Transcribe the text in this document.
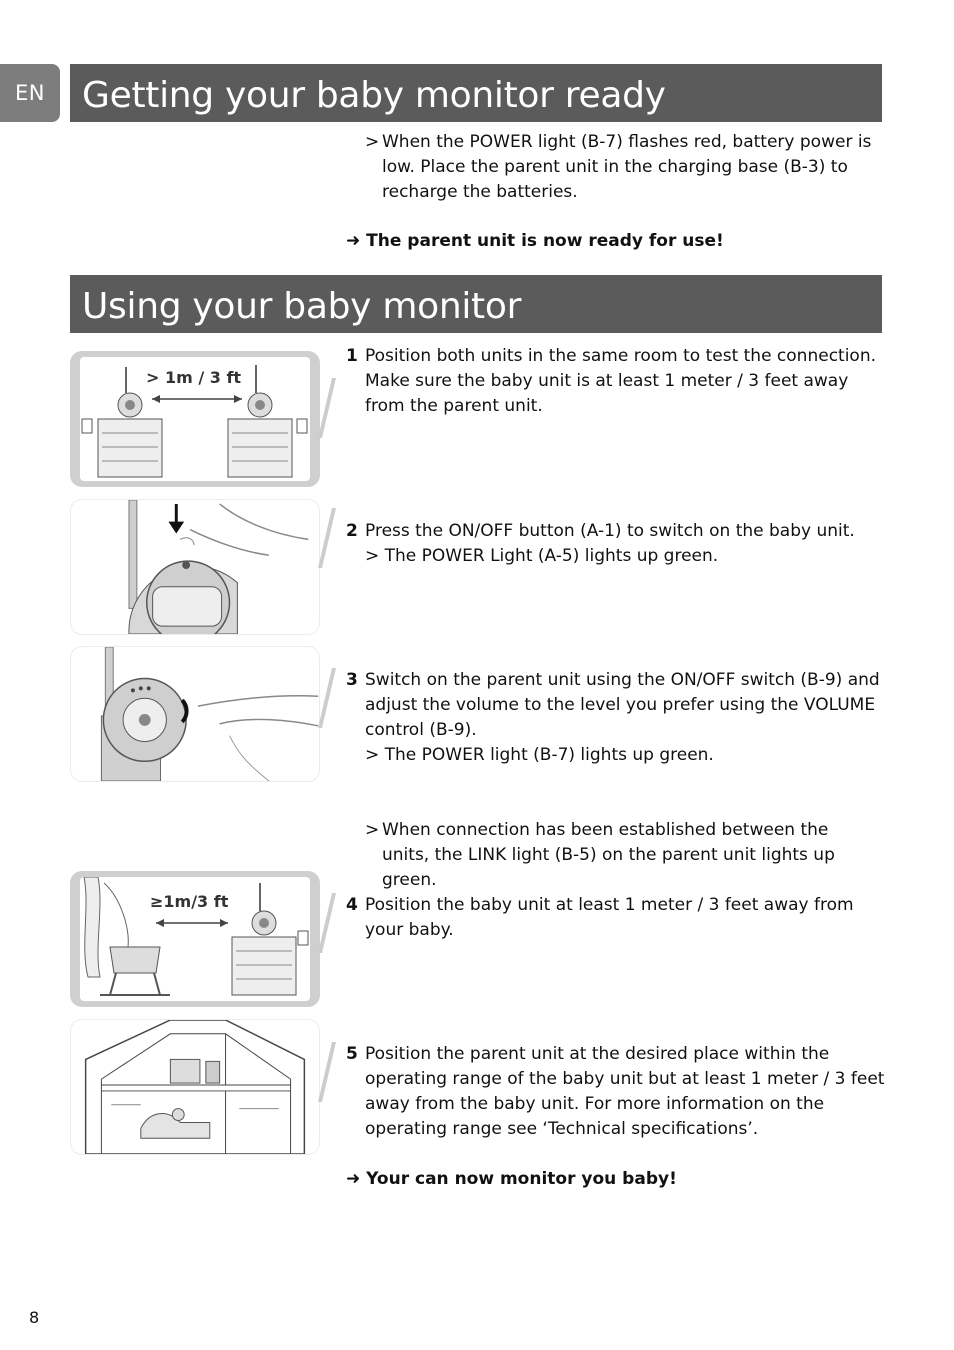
EN	Getting your baby monitor ready
> When the POWER light (B-7) flashes red, battery power is low. Place the parent unit in the charging base (B-3) to recharge the batteries.
➜ The parent unit is now ready for use!
Using your baby monitor
> 1m / 3 ft
1 Position both units in the same room to test the connection. Make sure the baby unit is at least 1 meter / 3 feet away from the parent unit.
2 Press the ON/OFF button (A-1) to switch on the baby unit.
> The POWER Light (A-5) lights up green.
3 Switch on the parent unit using the ON/OFF switch (B-9) and adjust the volume to the level you prefer using the VOLUME control (B-9).
> The POWER light (B-7) lights up green.
> When connection has been established between the units, the LINK light (B-5) on the parent unit lights up green.
≥1m/3 ft	4 Position the baby unit at least 1 meter / 3 feet away from your baby.
5 Position the parent unit at the desired place within the operating range of the baby unit but at least 1 meter / 3 feet away from the baby unit. For more information on the operating range see ‘Technical specifications’.
➜ Your can now monitor you baby!
8
